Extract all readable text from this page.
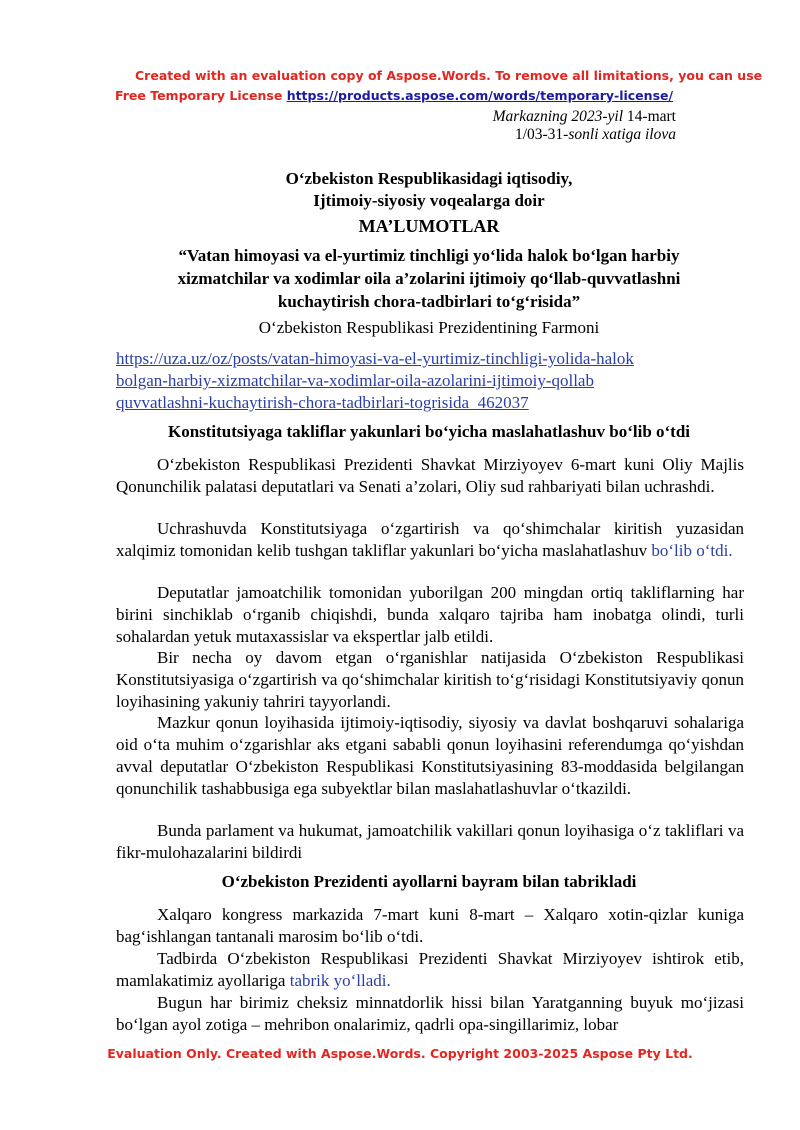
Created with an evaluation copy of Aspose.Words. To remove all limitations, you can use
Free Temporary License https://products.aspose.com/words/temporary-license/
Markazning 2023-yil 14-mart
1/03-31-sonli xatiga ilova
O‘zbekiston Respublikasidagi iqtisodiy,
Ijtimoiy-siyosiy voqealarga doir
MA’LUMOTLAR
“Vatan himoyasi va el-yurtimiz tinchligi yo‘lida halok bo‘lgan harbiy
xizmatchilar va xodimlar oila a’zolarini ijtimoiy qo‘llab-quvvatlashni
kuchaytirish chora-tadbirlari to‘g‘risida”
O‘zbekiston Respublikasi Prezidentining Farmoni
https://uza.uz/oz/posts/vatan-himoyasi-va-el-yurtimiz-tinchligi-yolida-halok
bolgan-harbiy-xizmatchilar-va-xodimlar-oila-azolarini-ijtimoiy-qollab
quvvatlashni-kuchaytirish-chora-tadbirlari-togrisida_462037
Konstitutsiyaga takliflar yakunlari bo‘yicha maslahatlashuv bo‘lib o‘tdi
O‘zbekiston Respublikasi Prezidenti Shavkat Mirziyoyev 6-mart kuni Oliy Majlis Qonunchilik palatasi deputatlari va Senati a’zolari, Oliy sud rahbariyati bilan uchrashdi.
Uchrashuvda Konstitutsiyaga o‘zgartirish va qo‘shimchalar kiritish yuzasidan xalqimiz tomonidan kelib tushgan takliflar yakunlari bo‘yicha maslahatlashuv bo‘lib o‘tdi.
Deputatlar jamoatchilik tomonidan yuborilgan 200 mingdan ortiq takliflarning har birini sinchiklab o‘rganib chiqishdi, bunda xalqaro tajriba ham inobatga olindi, turli sohalardan yetuk mutaxassislar va ekspertlar jalb etildi.
Bir necha oy davom etgan o‘rganishlar natijasida O‘zbekiston Respublikasi Konstitutsiyasiga o‘zgartirish va qo‘shimchalar kiritish to‘g‘risidagi Konstitutsiyaviy qonun loyihasining yakuniy tahriri tayyorlandi.
Mazkur qonun loyihasida ijtimoiy-iqtisodiy, siyosiy va davlat boshqaruvi sohalariga oid o‘ta muhim o‘zgarishlar aks etgani sababli qonun loyihasini referendumga qo‘yishdan avval deputatlar O‘zbekiston Respublikasi Konstitutsiyasining 83-moddasida belgilangan qonunchilik tashabbusiga ega subyektlar bilan maslahatlashuvlar o‘tkazildi.
Bunda parlament va hukumat, jamoatchilik vakillari qonun loyihasiga o‘z takliflari va fikr-mulohazalarini bildirdi
O‘zbekiston Prezidenti ayollarni bayram bilan tabrikladi
Xalqaro kongress markazida 7-mart kuni 8-mart – Xalqaro xotin-qizlar kuniga bag‘ishlangan tantanali marosim bo‘lib o‘tdi.
Tadbirda O‘zbekiston Respublikasi Prezidenti Shavkat Mirziyoyev ishtirok etib, mamlakatimiz ayollariga tabrik yo‘lladi.
Bugun har birimiz cheksiz minnatdorlik hissi bilan Yaratganning buyuk mo‘jizasi bo‘lgan ayol zotiga – mehribon onalarimiz, qadrli opa-singillarimiz, lobar
Evaluation Only. Created with Aspose.Words. Copyright 2003-2025 Aspose Pty Ltd.
